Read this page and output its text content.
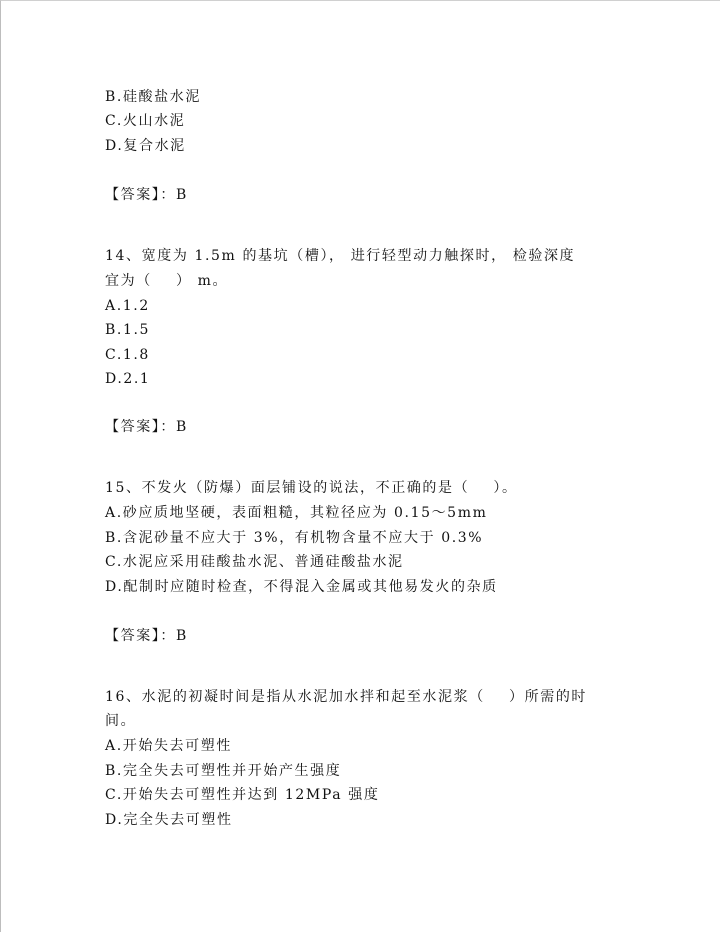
B.硅酸盐水泥
C.火山水泥
D.复合水泥
【答案】：B
14、宽度为 1.5m 的基坑（槽）， 进行轻型动力触探时， 检验深度
宜为（    ） m。
A.1.2
B.1.5
C.1.8
D.2.1
【答案】：B
15、不发火（防爆）面层铺设的说法，不正确的是（    ）。
A.砂应质地坚硬，表面粗糙，其粒径应为 0.15～5mm
B.含泥砂量不应大于 3%，有机物含量不应大于 0.3%
C.水泥应采用硅酸盐水泥、普通硅酸盐水泥
D.配制时应随时检查，不得混入金属或其他易发火的杂质
【答案】：B
16、水泥的初凝时间是指从水泥加水拌和起至水泥浆（    ）所需的时
间。
A.开始失去可塑性
B.完全失去可塑性并开始产生强度
C.开始失去可塑性并达到 12MPa 强度
D.完全失去可塑性
